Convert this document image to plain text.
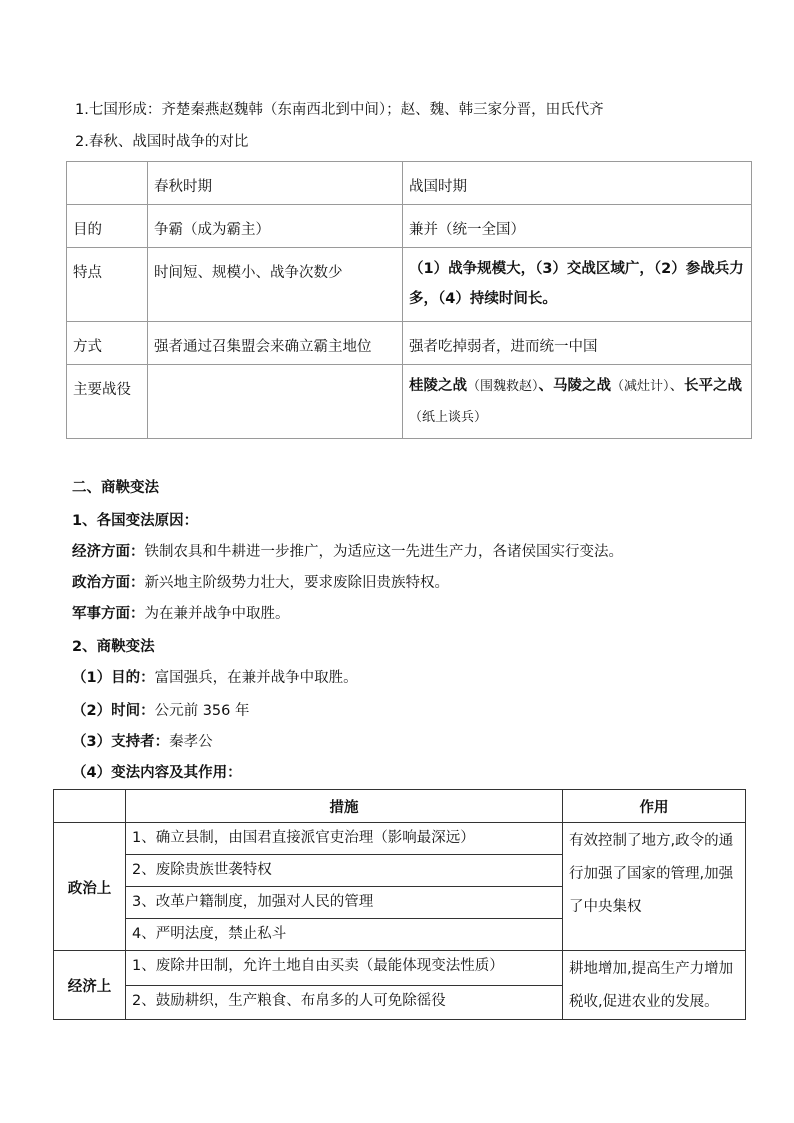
1.七国形成：齐楚秦燕赵魏韩（东南西北到中间）；赵、魏、韩三家分晋，田氏代齐
2.春秋、战国时战争的对比
	春秋时期	战国时期
目的	争霸（成为霸主）	兼并（统一全国）
特点	时间短、规模小、战争次数少	（1）战争规模大，（3）交战区域广，（2）参战兵力多，（4）持续时间长。
方式	强者通过召集盟会来确立霸主地位	强者吃掉弱者，进而统一中国
主要战役		桂陵之战（围魏救赵）、马陵之战（减灶计）、长平之战（纸上谈兵）
二、商鞅变法
1、各国变法原因：
经济方面：铁制农具和牛耕进一步推广，为适应这一先进生产力，各诸侯国实行变法。
政治方面：新兴地主阶级势力壮大，要求废除旧贵族特权。
军事方面：为在兼并战争中取胜。
2、商鞅变法
（1）目的：富国强兵，在兼并战争中取胜。
（2）时间：公元前 356 年
（3）支持者：秦孝公
（4）变法内容及其作用：
	措施	作用
政治上	1、确立县制，由国君直接派官吏治理（影响最深远）	有效控制了地方,政令的通行加强了国家的管理,加强了中央集权
	2、废除贵族世袭特权	
	3、改革户籍制度，加强对人民的管理	
	4、严明法度，禁止私斗	
经济上	1、废除井田制，允许土地自由买卖（最能体现变法性质）	耕地增加,提高生产力增加税收,促进农业的发展。
	2、鼓励耕织，生产粮食、布帛多的人可免除徭役	
